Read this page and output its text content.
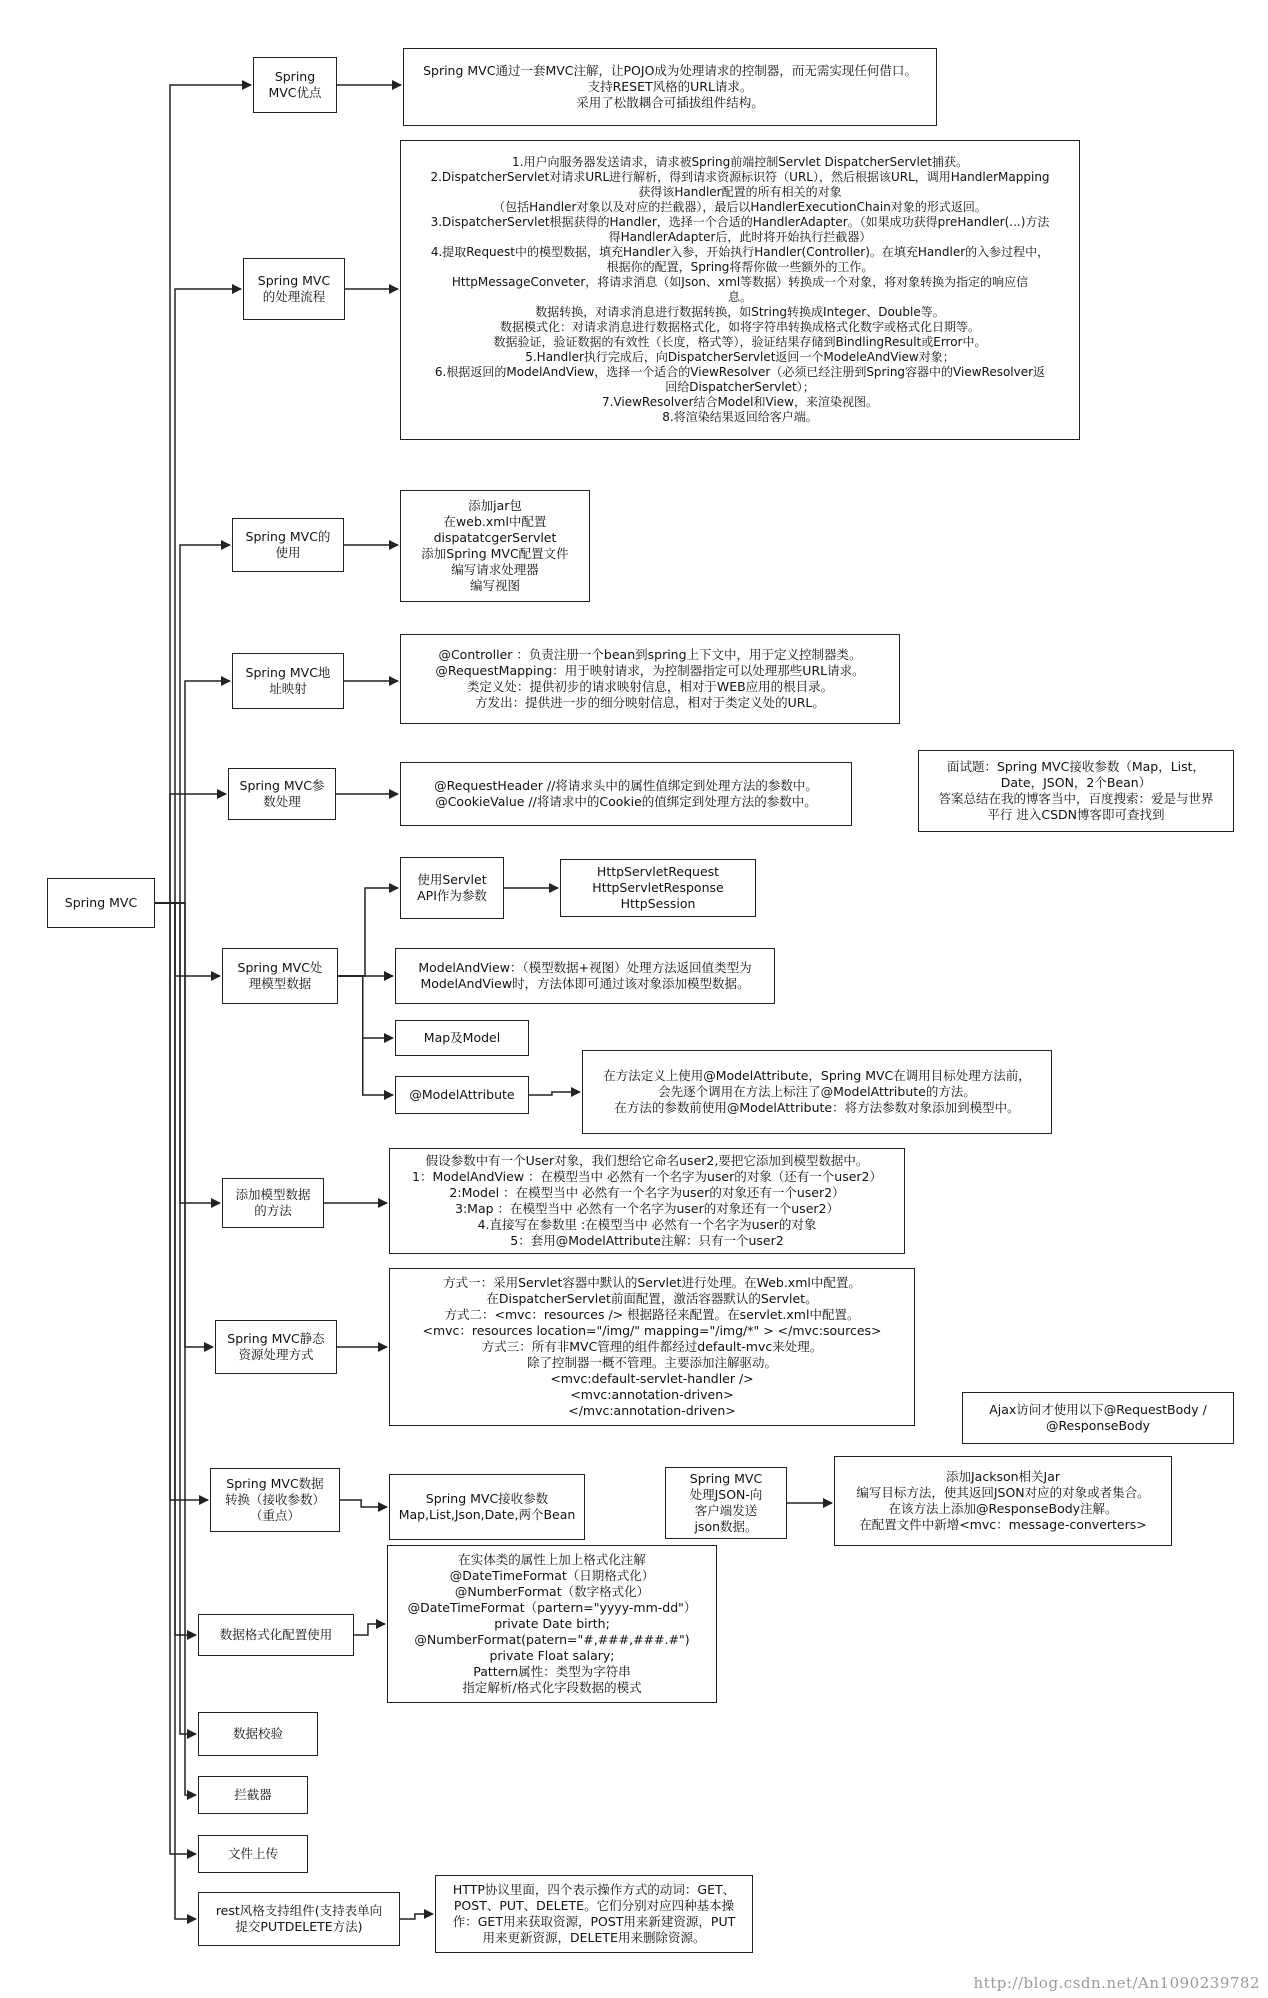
Spring MVC
Spring
MVC优点
Spring MVC
的处理流程
Spring MVC的
使用
Spring MVC地
址映射
Spring MVC参
数处理
Spring MVC处
理模型数据
添加模型数据
的方法
Spring MVC静态
资源处理方式
Spring MVC数据
转换（接收参数）
（重点）
数据格式化配置使用
数据校验
拦截器
文件上传
rest风格支持组件(支持表单向
提交PUTDELETE方法)
Spring MVC通过一套MVC注解，让POJO成为处理请求的控制器，而无需实现任何借口。
支持RESET风格的URL请求。
采用了松散耦合可插拔组件结构。
1.用户向服务器发送请求，请求被Spring前端控制Servlet DispatcherServlet捕获。
2.DispatcherServlet对请求URL进行解析，得到请求资源标识符（URL），然后根据该URL，调用HandlerMapping
获得该Handler配置的所有相关的对象
（包括Handler对象以及对应的拦截器），最后以HandlerExecutionChain对象的形式返回。
3.DispatcherServlet根据获得的Handler，选择一个合适的HandlerAdapter。（如果成功获得preHandler(...)方法
得HandlerAdapter后，此时将开始执行拦截器）
4.提取Request中的模型数据，填充Handler入参，开始执行Handler(Controller)。在填充Handler的入参过程中，
根据你的配置，Spring将帮你做一些额外的工作。
HttpMessageConveter，将请求消息（如Json、xml等数据）转换成一个对象，将对象转换为指定的响应信
息。
数据转换，对请求消息进行数据转换，如String转换成Integer、Double等。
数据模式化：对请求消息进行数据格式化，如将字符串转换成格式化数字或格式化日期等。
数据验证，验证数据的有效性（长度，格式等），验证结果存储到BindlingResult或Error中。
5.Handler执行完成后，向DispatcherServlet返回一个ModeleAndView对象；
6.根据返回的ModelAndView，选择一个适合的ViewResolver（必须已经注册到Spring容器中的ViewResolver返
回给DispatcherServlet）；
7.ViewResolver结合Model和View，来渲染视图。
8.将渲染结果返回给客户端。
添加jar包
在web.xml中配置
dispatatcgerServlet
添加Spring MVC配置文件
编写请求处理器
编写视图
@Controller ：负责注册一个bean到spring上下文中，用于定义控制器类。
@RequestMapping：用于映射请求，为控制器指定可以处理那些URL请求。
类定义处：提供初步的请求映射信息，相对于WEB应用的根目录。
方发出：提供进一步的细分映射信息，相对于类定义处的URL。
@RequestHeader //将请求头中的属性值绑定到处理方法的参数中。
@CookieValue //将请求中的Cookie的值绑定到处理方法的参数中。
使用Servlet
API作为参数
HttpServletRequest
HttpServletResponse
HttpSession
ModelAndView：（模型数据+视图）处理方法返回值类型为
ModelAndView时，方法体即可通过该对象添加模型数据。
Map及Model
@ModelAttribute
在方法定义上使用@ModelAttribute，Spring MVC在调用目标处理方法前，
会先逐个调用在方法上标注了@ModelAttribute的方法。
在方法的参数前使用@ModelAttribute：将方法参数对象添加到模型中。
假设参数中有一个User对象，我们想给它命名user2,要把它添加到模型数据中。
1：ModelAndView ：在模型当中 必然有一个名字为user的对象（还有一个user2）
2:Model ：在模型当中 必然有一个名字为user的对象还有一个user2）
3:Map ：在模型当中 必然有一个名字为user的对象还有一个user2）
4.直接写在参数里 :在模型当中 必然有一个名字为user的对象
5：套用@ModelAttribute注解：只有一个user2
方式一：采用Servlet容器中默认的Servlet进行处理。在Web.xml中配置。
在DispatcherServlet前面配置，激活容器默认的Servlet。
方式二：<mvc：resources /> 根据路径来配置。在servlet.xml中配置。
<mvc：resources location="/img/" mapping="/img/*" > </mvc:sources>
方式三：所有非MVC管理的组件都经过default-mvc来处理。
除了控制器一概不管理。主要添加注解驱动。
<mvc:default-servlet-handler />
<mvc:annotation-driven>
</mvc:annotation-driven>
Spring MVC接收参数
Map,List,Json,Date,两个Bean
在实体类的属性上加上格式化注解
@DateTimeFormat（日期格式化）
@NumberFormat（数字格式化）
@DateTimeFormat（partern="yyyy-mm-dd"）
private Date birth;
@NumberFormat(patern="#,###,###.#")
private Float salary;
Pattern属性：类型为字符串
指定解析/格式化字段数据的模式
HTTP协议里面，四个表示操作方式的动词：GET、
POST、PUT、DELETE。它们分别对应四种基本操
作：GET用来获取资源，POST用来新建资源，PUT
用来更新资源，DELETE用来删除资源。
Spring MVC
处理JSON-向
客户端发送
json数据。
添加Jackson相关Jar
编写目标方法，使其返回JSON对应的对象或者集合。
在该方法上添加@ResponseBody注解。
在配置文件中新增<mvc：message-converters>
面试题：Spring MVC接收参数（Map，List，
Date，JSON，2个Bean）
答案总结在我的博客当中，百度搜索：爱是与世界
平行 进入CSDN博客即可查找到
Ajax访问才使用以下@RequestBody /
@ResponseBody
http://blog.csdn.net/An1090239782
